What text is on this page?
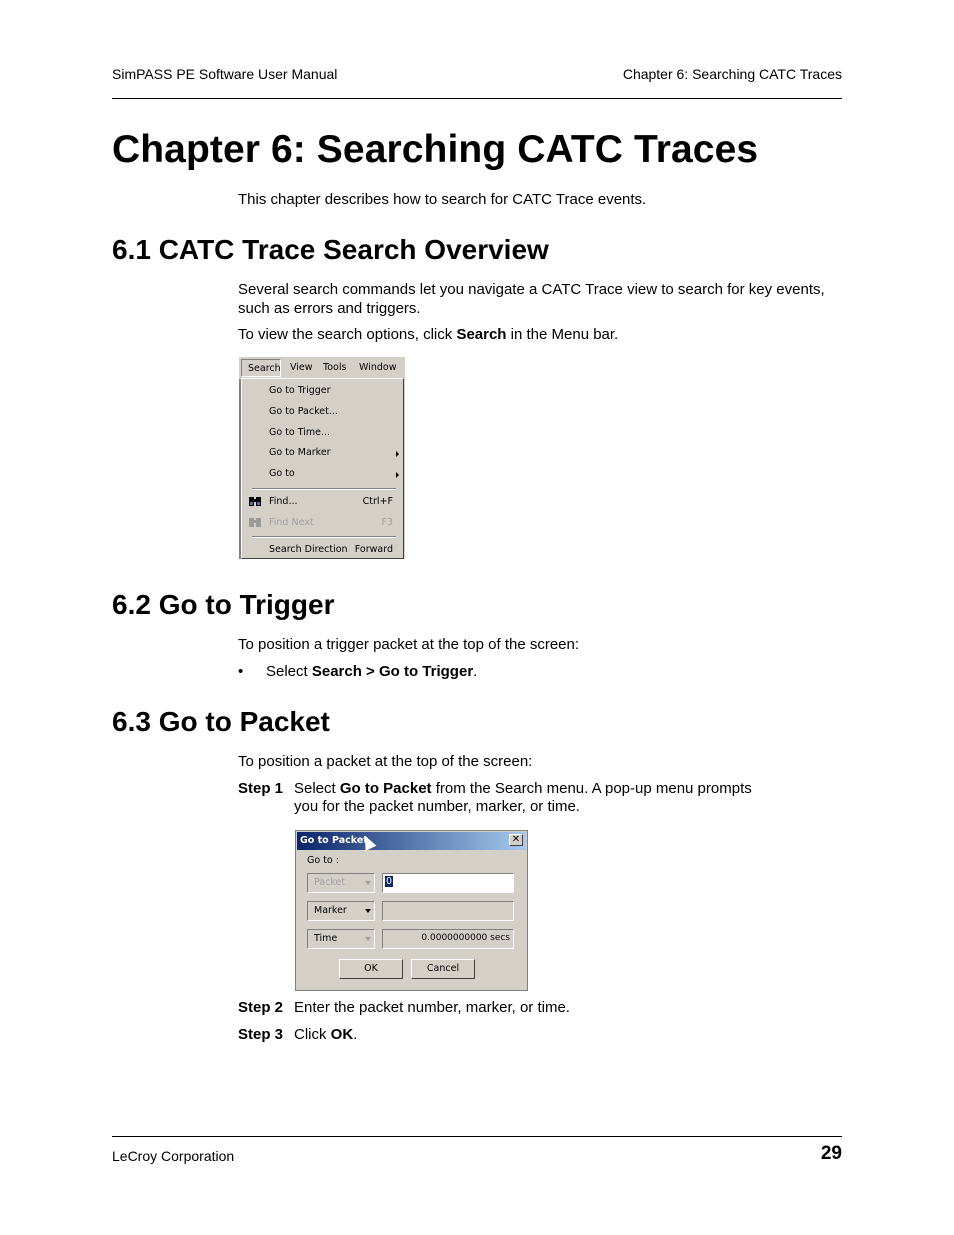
SimPASS PE Software User Manual	Chapter 6: Searching CATC Traces
Chapter 6: Searching CATC Traces
This chapter describes how to search for CATC Trace events.
6.1 CATC Trace Search Overview
Several search commands let you navigate a CATC Trace view to search for key events,
such as errors and triggers.
To view the search options, click Search in the Menu bar.
Search View Tools Window
Go to Trigger
Go to Packet...
Go to Time...
Go to Marker
Go to
Find...	Ctrl+F
Find Next	F3
Search Direction Forward
6.2 Go to Trigger
To position a trigger packet at the top of the screen:
• Select Search > Go to Trigger.
6.3 Go to Packet
To position a packet at the top of the screen:
Step 1 Select Go to Packet from the Search menu. A pop-up menu prompts
you for the packet number, marker, or time.
Go to Packet	✕
Go to :
Packet	0
Marker
Time	0.0000000000 secs
OK	Cancel
Step 2 Enter the packet number, marker, or time.
Step 3 Click OK.
LeCroy Corporation	29
